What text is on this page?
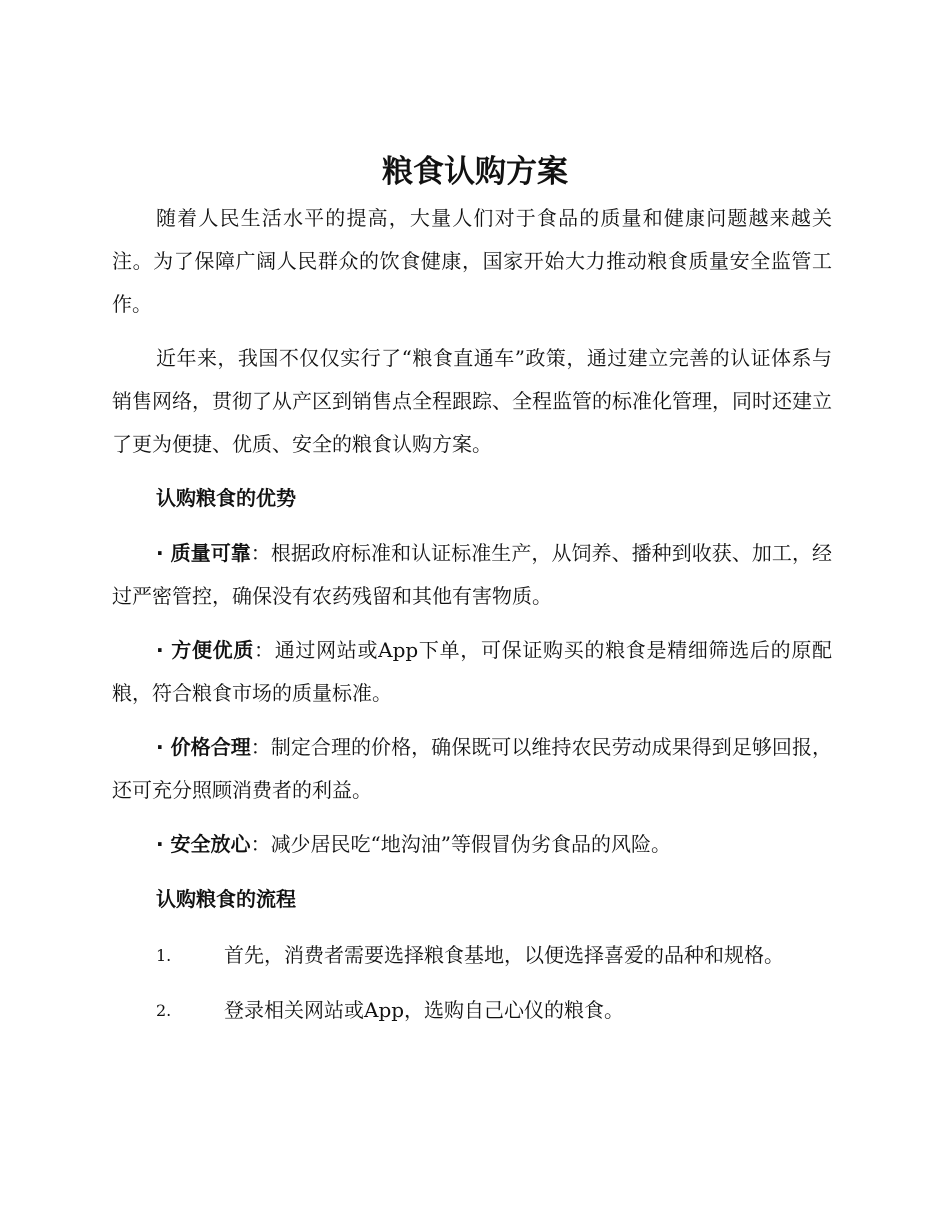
粮食认购方案

随着人民生活水平的提高，大量人们对于食品的质量和健康问题越来越关注。为了保障广阔人民群众的饮食健康，国家开始大力推动粮食质量安全监管工作。

近年来，我国不仅仅实行了“粮食直通车”政策，通过建立完善的认证体系与销售网络，贯彻了从产区到销售点全程跟踪、全程监管的标准化管理，同时还建立了更为便捷、优质、安全的粮食认购方案。

认购粮食的优势

· 质量可靠：根据政府标准和认证标准生产，从饲养、播种到收获、加工，经过严密管控，确保没有农药残留和其他有害物质。

· 方便优质：通过网站或App下单，可保证购买的粮食是精细筛选后的原配粮，符合粮食市场的质量标准。

· 价格合理：制定合理的价格，确保既可以维持农民劳动成果得到足够回报，还可充分照顾消费者的利益。

· 安全放心：减少居民吃“地沟油”等假冒伪劣食品的风险。

认购粮食的流程
1.	首先，消费者需要选择粮食基地，以便选择喜爱的品种和规格。
2.	登录相关网站或App，选购自己心仪的粮食。
